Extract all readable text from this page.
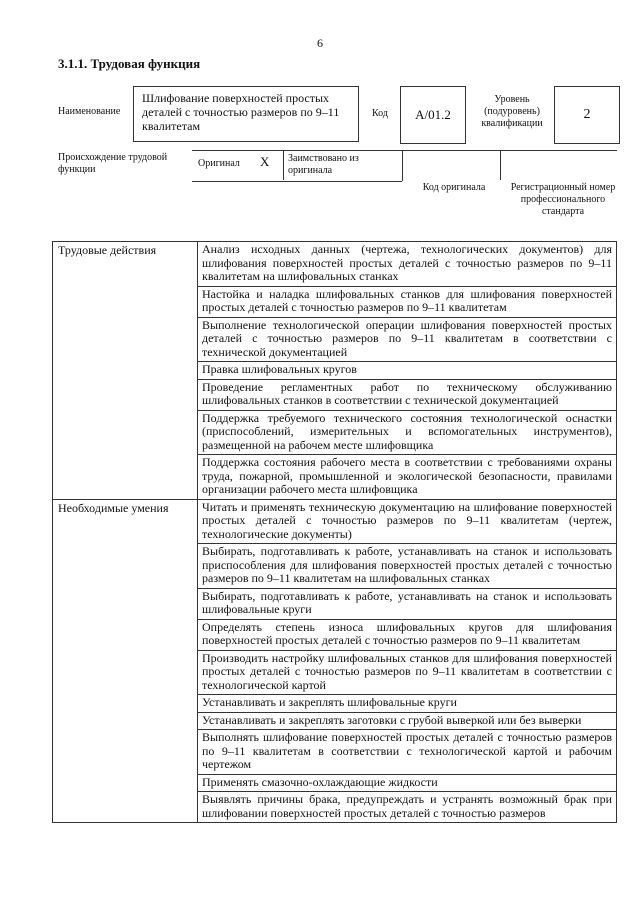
6
3.1.1. Трудовая функция
Наименование
Шлифование поверхностей простых деталей с точностью размеров по 9–11 квалитетам
Код	А/01.2
Уровень (подуровень) квалификации
2
Происхождение трудовой функции
Оригинал X Заимствовано из оригинала
Код оригинала	Регистрационный номер профессионального стандарта
Трудовые действия	Анализ исходных данных (чертежа, технологических документов) для шлифования поверхностей простых деталей с точностью размеров по 9–11 квалитетам на шлифовальных станках
	Настойка и наладка шлифовальных станков для шлифования поверхностей простых деталей с точностью размеров по 9–11 квалитетам
	Выполнение технологической операции шлифования поверхностей простых деталей с точностью размеров по 9–11 квалитетам в соответствии с технической документацией
	Правка шлифовальных кругов
	Проведение регламентных работ по техническому обслуживанию шлифовальных станков в соответствии с технической документацией
	Поддержка требуемого технического состояния технологической оснастки (приспособлений, измерительных и вспомогательных инструментов), размещенной на рабочем месте шлифовщика
	Поддержка состояния рабочего места в соответствии с требованиями охраны труда, пожарной, промышленной и экологической безопасности, правилами организации рабочего места шлифовщика
Необходимые умения	Читать и применять техническую документацию на шлифование поверхностей простых деталей с точностью размеров по 9–11 квалитетам (чертеж, технологические документы)
	Выбирать, подготавливать к работе, устанавливать на станок и использовать приспособления для шлифования поверхностей простых деталей с точностью размеров по 9–11 квалитетам на шлифовальных станках
	Выбирать, подготавливать к работе, устанавливать на станок и использовать шлифовальные круги
	Определять степень износа шлифовальных кругов для шлифования поверхностей простых деталей с точностью размеров по 9–11 квалитетам
	Производить настройку шлифовальных станков для шлифования поверхностей простых деталей с точностью размеров по 9–11 квалитетам в соответствии с технологической картой
	Устанавливать и закреплять шлифовальные круги
	Устанавливать и закреплять заготовки с грубой выверкой или без выверки
	Выполнять шлифование поверхностей простых деталей с точностью размеров по 9–11 квалитетам в соответствии с технологической картой и рабочим чертежом
	Применять смазочно-охлаждающие жидкости
	Выявлять причины брака, предупреждать и устранять возможный брак при шлифовании поверхностей простых деталей с точностью размеров
